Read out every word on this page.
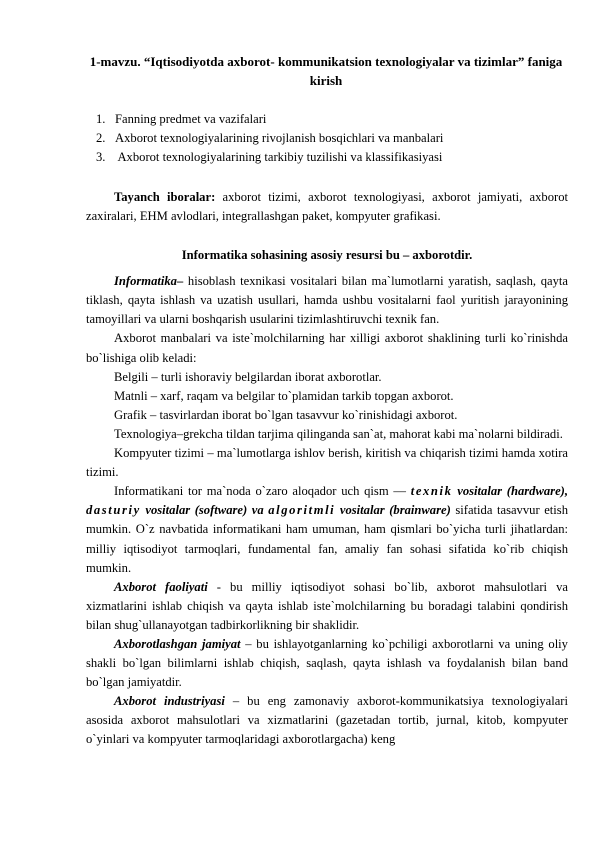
1-mavzu. “Iqtisodiyotda axborot- kommunikatsion texnologiyalar va tizimlar” faniga kirish

1. Fanning predmet va vazifalari
2. Axborot texnologiyalarining rivojlanish bosqichlari va manbalari
3. Axborot texnologiyalarining tarkibiy tuzilishi va klassifikasiyasi

Tayanch iboralar: axborot tizimi, axborot texnologiyasi, axborot jamiyati, axborot zaxiralari, EHM avlodlari, integrallashgan paket, kompyuter grafikasi.

Informatika sohasining asosiy resursi bu – axborotdir.

Informatika– hisoblash texnikasi vositalari bilan ma`lumotlarni yaratish, saqlash, qayta tiklash, qayta ishlash va uzatish usullari, hamda ushbu vositalarni faol yuritish jarayonining tamoyillari va ularni boshqarish usularini tizimlashtiruvchi texnik fan.

Axborot manbalari va iste`molchilarning har xilligi axborot shaklining turli ko`rinishda bo`lishiga olib keladi:

Belgili – turli ishoraviy belgilardan iborat axborotlar.

Matnli – xarf, raqam va belgilar to`plamidan tarkib topgan axborot.

Grafik – tasvirlardan iborat bo`lgan tasavvur ko`rinishidagi axborot.

Texnologiya–grekcha tildan tarjima qilinganda san`at, mahorat kabi ma`nolarni bildiradi.

Kompyuter tizimi – ma`lumotlarga ishlov berish, kiritish va chiqarish tizimi hamda xotira tizimi.

Informatikani tor ma`noda o`zaro aloqador uch qism — texnik vositalar (hardware), dasturiy vositalar (software) va algoritmli vositalar (brainware) sifatida tasavvur etish mumkin. O`z navbatida informatikani ham umuman, ham qismlari bo`yicha turli jihatlardan: milliy iqtisodiyot tarmoqlari, fundamental fan, amaliy fan sohasi sifatida ko`rib chiqish mumkin.

Axborot faoliyati - bu milliy iqtisodiyot sohasi bo`lib, axborot mahsulotlari va xizmatlarini ishlab chiqish va qayta ishlab iste`molchilarning bu boradagi talabini qondirish bilan shug`ullanayotgan tadbirkorlikning bir shaklidir.

Axborotlashgan jamiyat – bu ishlayotganlarning ko`pchiligi axborotlarni va uning oliy shakli bo`lgan bilimlarni ishlab chiqish, saqlash, qayta ishlash va foydalanish bilan band bo`lgan jamiyatdir.

Axborot industriyasi – bu eng zamonaviy axborot-kommunikatsiya texnologiyalari asosida axborot mahsulotlari va xizmatlarini (gazetadan tortib, jurnal, kitob, kompyuter o`yinlari va kompyuter tarmoqlaridagi axborotlargacha) keng
